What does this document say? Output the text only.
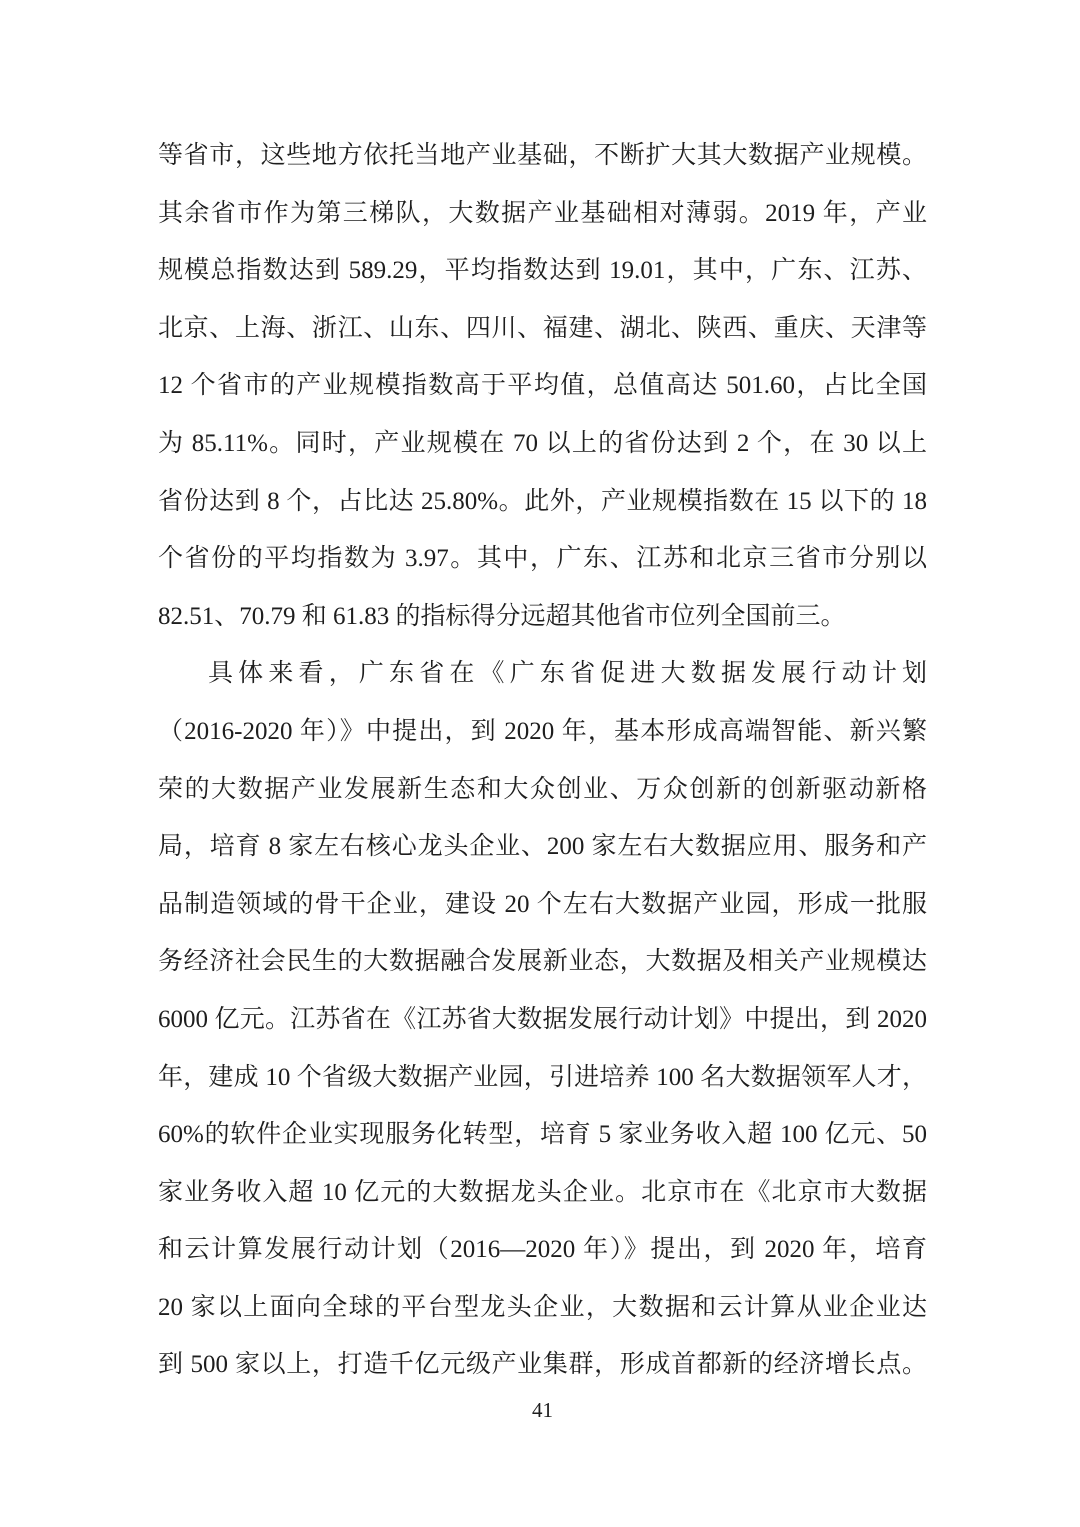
等省市，这些地方依托当地产业基础，不断扩大其大数据产业规模。
其余省市作为第三梯队，大数据产业基础相对薄弱。2019 年，产业
规模总指数达到 589.29，平均指数达到 19.01，其中，广东、江苏、
北京、上海、浙江、山东、四川、福建、湖北、陕西、重庆、天津等
12 个省市的产业规模指数高于平均值，总值高达 501.60，占比全国
为 85.11%。同时，产业规模在 70 以上的省份达到 2 个，在 30 以上
省份达到 8 个，占比达 25.80%。此外，产业规模指数在 15 以下的 18
个省份的平均指数为 3.97。其中，广东、江苏和北京三省市分别以
82.51、70.79 和 61.83 的指标得分远超其他省市位列全国前三。
具体来看，广东省在《广东省促进大数据发展行动计划
（2016-2020 年）》中提出，到 2020 年，基本形成高端智能、新兴繁
荣的大数据产业发展新生态和大众创业、万众创新的创新驱动新格
局，培育 8 家左右核心龙头企业、200 家左右大数据应用、服务和产
品制造领域的骨干企业，建设 20 个左右大数据产业园，形成一批服
务经济社会民生的大数据融合发展新业态，大数据及相关产业规模达
6000 亿元。江苏省在《江苏省大数据发展行动计划》中提出，到 2020
年，建成 10 个省级大数据产业园，引进培养 100 名大数据领军人才，
60%的软件企业实现服务化转型，培育 5 家业务收入超 100 亿元、50
家业务收入超 10 亿元的大数据龙头企业。北京市在《北京市大数据
和云计算发展行动计划（2016—2020 年）》提出，到 2020 年，培育
20 家以上面向全球的平台型龙头企业，大数据和云计算从业企业达
到 500 家以上，打造千亿元级产业集群，形成首都新的经济增长点。
41
